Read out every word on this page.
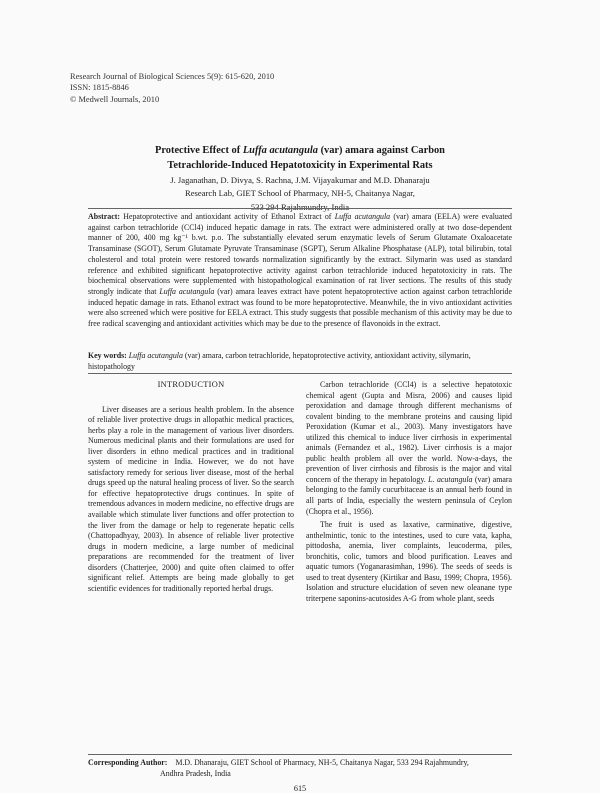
Research Journal of Biological Sciences 5(9): 615-620, 2010
ISSN: 1815-8846
© Medwell Journals, 2010
Protective Effect of Luffa acutangula (var) amara against Carbon
Tetrachloride-Induced Hepatotoxicity in Experimental Rats
J. Jaganathan, D. Divya, S. Rachna, J.M. Vijayakumar and M.D. Dhanaraju
Research Lab, GIET School of Pharmacy, NH-5, Chaitanya Nagar,
533 294 Rajahmundry, India
Abstract: Hepatoprotective and antioxidant activity of Ethanol Extract of Luffa acutangula (var) amara (EELA) were evaluated against carbon tetrachloride (CCl4) induced hepatic damage in rats. The extract were administered orally at two dose-dependent manner of 200, 400 mg kg⁻¹ b.wt. p.o. The substantially elevated serum enzymatic levels of Serum Glutamate Oxaloacetate Transaminase (SGOT), Serum Glutamate Pyruvate Transaminase (SGPT), Serum Alkaline Phosphatase (ALP), total bilirubin, total cholesterol and total protein were restored towards normalization significantly by the extract. Silymarin was used as standard reference and exhibited significant hepatoprotective activity against carbon tetrachloride induced hepatotoxicity in rats. The biochemical observations were supplemented with histopathological examination of rat liver sections. The results of this study strongly indicate that Luffa acutangula (var) amara leaves extract have potent hepatoprotective action against carbon tetrachloride induced hepatic damage in rats. Ethanol extract was found to be more hepatoprotective. Meanwhile, the in vivo antioxidant activities were also screened which were positive for EELA extract. This study suggests that possible mechanism of this activity may be due to free radical scavenging and antioxidant activities which may be due to the presence of flavonoids in the extract.
Key words: Luffa acutangula (var) amara, carbon tetrachloride, hepatoprotective activity, antioxidant activity, silymarin, histopathology
INTRODUCTION

Liver diseases are a serious health problem. In the absence of reliable liver protective drugs in allopathic medical practices, herbs play a role in the management of various liver disorders. Numerous medicinal plants and their formulations are used for liver disorders in ethno medical practices and in traditional system of medicine in India. However, we do not have satisfactory remedy for serious liver disease, most of the herbal drugs speed up the natural healing process of liver. So the search for effective hepatoprotective drugs continues. In spite of tremendous advances in modern medicine, no effective drugs are available which stimulate liver functions and offer protection to the liver from the damage or help to regenerate hepatic cells (Chattopadhyay, 2003). In absence of reliable liver protective drugs in modern medicine, a large number of medicinal preparations are recommended for the treatment of liver disorders (Chatterjee, 2000) and quite often claimed to offer significant relief. Attempts are being made globally to get scientific evidences for traditionally reported herbal drugs.

Carbon tetrachloride (CCl4) is a selective hepatotoxic chemical agent (Gupta and Misra, 2006) and causes lipid peroxidation and damage through different mechanisms of covalent binding to the membrane proteins and causing lipid Peroxidation (Kumar et al., 2003). Many investigators have utilized this chemical to induce liver cirrhosis in experimental animals (Fernandez et al., 1982). Liver cirrhosis is a major public health problem all over the world. Now-a-days, the prevention of liver cirrhosis and fibrosis is the major and vital concern of the therapy in hepatology. L. acutangula (var) amara belonging to the family cucurbitaceae is an annual herb found in all parts of India, especially the western peninsula of Ceylon (Chopra et al., 1956).

The fruit is used as laxative, carminative, digestive, anthelmintic, tonic to the intestines, used to cure vata, kapha, pittodosha, anemia, liver complaints, leucoderma, piles, bronchitis, colic, tumors and blood purification. Leaves and aquatic tumors (Yoganarasimhan, 1996). The seeds of seeds is used to treat dysentery (Kirtikar and Basu, 1999; Chopra, 1956). Isolation and structure elucidation of seven new oleanane type triterpene saponins-acutosides A-G from whole plant, seeds

Corresponding Author: M.D. Dhanaraju, GIET School of Pharmacy, NH-5, Chaitanya Nagar, 533 294 Rajahmundry,
Andhra Pradesh, India
615
